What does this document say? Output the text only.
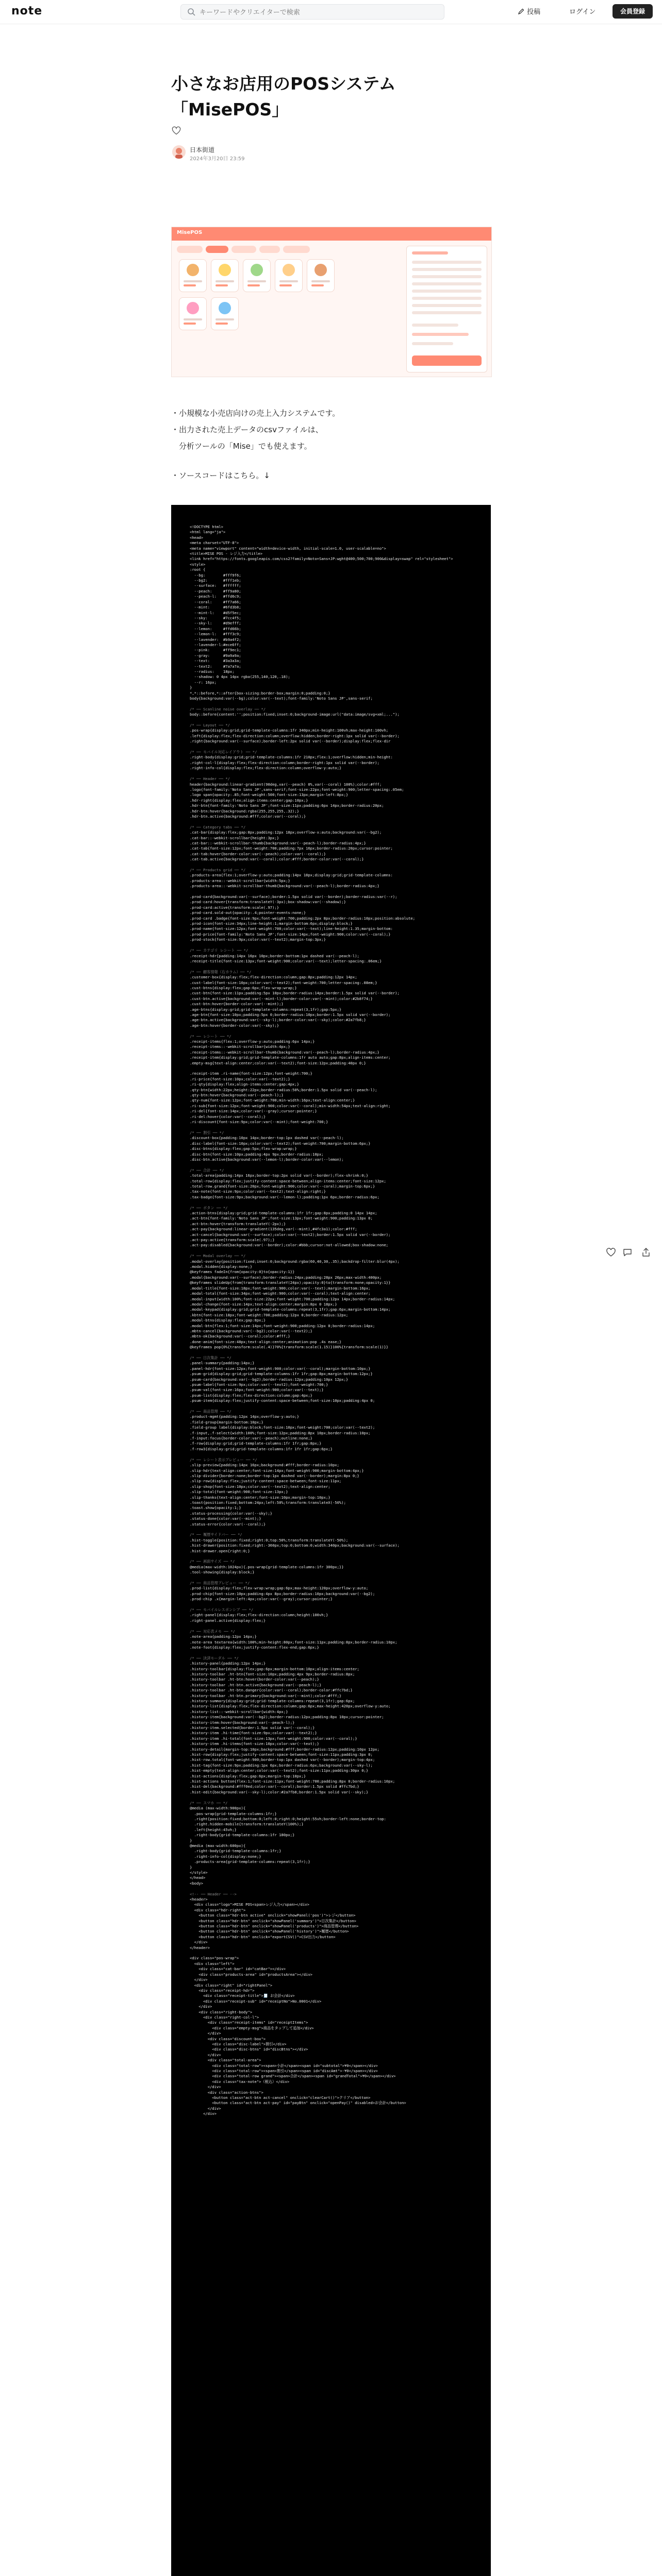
note
キーワードやクリエイターで検索	投稿	ログイン	会員登録
小さなお店用のPOSシステム
「MisePOS」
日本街道
2024年3月20日 23:59
MisePOS

・小規模な小売店向けの売上入力システムです。

・出力された売上データのcsvファイルは、

　分析ツールの「Mise」でも使えます。

・ソースコードはこちら。↓
<!DOCTYPE html>
<html lang="ja">
<head>
<meta charset="UTF-8">
<meta name="viewport" content="width=device-width, initial-scale=1.0, user-scalable=no">
<title>MISE POS - レジ入力</title>
<link href="https://fonts.googleapis.com/css2?family=Noto+Sans+JP:wght@400;500;700;900&display=swap" rel="stylesheet">
<style>
:root {
--bg:        #fff9f6;
--bg2:       #fff1eb;
--surface:   #ffffff;
--peach:     #ff9a80;
--peach-l:   #ffd6c9;
--coral:     #ff7a66;
--mint:      #6fd3b8;
--mint-l:    #d5f5ec;
--sky:       #7cc4f5;
--sky-l:     #d9efff;
--lemon:     #ffd66b;
--lemon-l:   #fff3c9;
--lavender:  #b9a4f2;
--lavender-l:#ece6ff;
--pink:      #ff9ec1;
--gray:      #9a9a9a;
--text:      #3a3a3a;
--text2:     #7a7a7a;
--radius:    18px;
--shadow: 0 4px 14px rgba(255,140,120,.18);
--r: 16px;
}
*,*::before,*::after{box-sizing:border-box;margin:0;padding:0;}
body{background:var(--bg);color:var(--text);font-family:'Noto Sans JP',sans-serif;

/* ── Scanline noise overlay ── */
body::before{content:'';position:fixed;inset:0;background-image:url("data:image/svg+xml;...");

/* ── Layout ── */
.pos-wrap{display:grid;grid-template-columns:1fr 340px;min-height:100vh;max-height:100vh;
.left{display:flex;flex-direction:column;overflow:hidden;border-right:1px solid var(--border);
.right{background:var(--surface);border-left:2px solid var(--border);display:flex;flex-dir

/* ── モバイル対応レイアウト ── */
.right-body{display:grid;grid-template-columns:1fr 210px;flex:1;overflow:hidden;min-height:
.right-col-l{display:flex;flex-direction:column;border-right:1px solid var(--border);
.right-info-col{display:flex;flex-direction:column;overflow-y:auto;}

/* ── Header ── */
header{background:linear-gradient(90deg,var(--peach) 0%,var(--coral) 100%);color:#fff;
.logo{font-family:'Noto Sans JP',sans-serif;font-size:22px;font-weight:900;letter-spacing:.05em;
.logo span{opacity:.85;font-weight:500;font-size:13px;margin-left:8px;}
.hdr-right{display:flex;align-items:center;gap:10px;}
.hdr-btn{font-family:'Noto Sans JP';font-size:11px;padding:6px 14px;border-radius:20px;
.hdr-btn:hover{background:rgba(255,255,255,.32);}
.hdr-btn.active{background:#fff;color:var(--coral);}

/* ── Category tabs ── */
.cat-bar{display:flex;gap:8px;padding:12px 18px;overflow-x:auto;background:var(--bg2);
.cat-bar::-webkit-scrollbar{height:3px;}
.cat-bar::-webkit-scrollbar-thumb{background:var(--peach-l);border-radius:4px;}
.cat-tab{font-size:12px;font-weight:700;padding:7px 16px;border-radius:20px;cursor:pointer;
.cat-tab:hover{border-color:var(--peach);color:var(--coral);}
.cat-tab.active{background:var(--coral);color:#fff;border-color:var(--coral);}

/* ── Products grid ── */
.products-area{flex:1;overflow-y:auto;padding:14px 18px;display:grid;grid-template-columns:
.products-area::-webkit-scrollbar{width:5px;}
.products-area::-webkit-scrollbar-thumb{background:var(--peach-l);border-radius:4px;}

.prod-card{background:var(--surface);border:1.5px solid var(--border);border-radius:var(--r);
.prod-card:hover{transform:translateY(-3px);box-shadow:var(--shadow);}
.prod-card:active{transform:scale(.97);}
.prod-card.sold-out{opacity:.4;pointer-events:none;}
.prod-card .badge{font-size:9px;font-weight:700;padding:2px 8px;border-radius:10px;position:absolute;
.prod-icon{font-size:34px;line-height:1;margin-bottom:6px;display:block;}
.prod-name{font-size:12px;font-weight:700;color:var(--text);line-height:1.35;margin-bottom:
.prod-price{font-family:'Noto Sans JP';font-size:14px;font-weight:900;color:var(--coral);}
.prod-stock{font-size:9px;color:var(--text2);margin-top:3px;}

/* ── カテゴリ レシート ── */
.receipt-hdr{padding:14px 16px 10px;border-bottom:1px dashed var(--peach-l);
.receipt-title{font-size:13px;font-weight:900;color:var(--text);letter-spacing:.06em;}

/* ── 顧客情報（右カラム）── */
.customer-box{display:flex;flex-direction:column;gap:8px;padding:12px 14px;
.cust-label{font-size:10px;color:var(--text2);font-weight:700;letter-spacing:.08em;}
.cust-btns{display:flex;gap:6px;flex-wrap:wrap;}
.cust-btn{font-size:11px;padding:5px 10px;border-radius:14px;border:1.5px solid var(--border);
.cust-btn.active{background:var(--mint-l);border-color:var(--mint);color:#2b8f74;}
.cust-btn:hover{border-color:var(--mint);}
.age-btns{display:grid;grid-template-columns:repeat(3,1fr);gap:5px;}
.age-btn{font-size:10px;padding:5px 0;border-radius:10px;border:1.5px solid var(--border);
.age-btn.active{background:var(--sky-l);border-color:var(--sky);color:#2a7fb8;}
.age-btn:hover{border-color:var(--sky);}

/* ── レシート ── */
.receipt-items{flex:1;overflow-y:auto;padding:6px 14px;}
.receipt-items::-webkit-scrollbar{width:4px;}
.receipt-items::-webkit-scrollbar-thumb{background:var(--peach-l);border-radius:4px;}
.receipt-item{display:grid;grid-template-columns:1fr auto auto;gap:8px;align-items:center;
.empty-msg{text-align:center;color:var(--text2);font-size:12px;padding:40px 0;}

.receipt-item .ri-name{font-size:12px;font-weight:700;}
.ri-price{font-size:10px;color:var(--text2);}
.ri-qty{display:flex;align-items:center;gap:4px;}
.qty-btn{width:22px;height:22px;border-radius:50%;border:1.5px solid var(--peach-l);
.qty-btn:hover{background:var(--peach-l);}
.qty-num{font-size:12px;font-weight:700;min-width:16px;text-align:center;}
.ri-sub{font-size:12px;font-weight:900;color:var(--coral);min-width:54px;text-align:right;
.ri-del{font-size:14px;color:var(--gray);cursor:pointer;}
.ri-del:hover{color:var(--coral);}
.ri-discount{font-size:9px;color:var(--mint);font-weight:700;}

/* ── 割引 ── */
.discount-box{padding:10px 14px;border-top:1px dashed var(--peach-l);
.disc-label{font-size:10px;color:var(--text2);font-weight:700;margin-bottom:6px;}
.disc-btns{display:flex;gap:5px;flex-wrap:wrap;}
.disc-btn{font-size:10px;padding:4px 9px;border-radius:10px;
.disc-btn.active{background:var(--lemon-l);border-color:var(--lemon);

/* ── 合計 ── */
.total-area{padding:14px 16px;border-top:2px solid var(--border);flex-shrink:0;}
.total-row{display:flex;justify-content:space-between;align-items:center;font-size:12px;
.total-row.grand{font-size:20px;font-weight:900;color:var(--coral);margin-top:6px;}
.tax-note{font-size:9px;color:var(--text2);text-align:right;}
.tax-badge{font-size:9px;background:var(--lemon-l);padding:1px 6px;border-radius:6px;

/* ── ボタン ── */
.action-btns{display:grid;grid-template-columns:1fr 1fr;gap:8px;padding:0 14px 14px;
.act-btn{font-family:'Noto Sans JP';font-size:13px;font-weight:900;padding:13px 0;
.act-btn:hover{transform:translateY(-2px);}
.act-pay{background:linear-gradient(135deg,var(--mint),#4fc3a1);color:#fff;
.act-cancel{background:var(--surface);color:var(--text2);border:1.5px solid var(--border);
.act-pay:active{transform:scale(.97);}
.act-pay:disabled{background:var(--border);color:#bbb;cursor:not-allowed;box-shadow:none;

/* ── Modal overlay ── */
.modal-overlay{position:fixed;inset:0;background:rgba(60,40,30,.35);backdrop-filter:blur(4px);
.modal.hidden{display:none;}
@keyframes fadeIn{from{opacity:0}to{opacity:1}}
.modal{background:var(--surface);border-radius:24px;padding:28px 26px;max-width:400px;
@keyframes slideUp{from{transform:translateY(24px);opacity:0}to{transform:none;opacity:1}}
.modal-title{font-size:18px;font-weight:900;color:var(--text);margin-bottom:16px;
.modal-total{font-size:34px;font-weight:900;color:var(--coral);text-align:center;
.modal-input{width:100%;font-size:22px;font-weight:700;padding:12px 14px;border-radius:14px;
.modal-change{font-size:14px;text-align:center;margin:8px 0 18px;}
.modal-keypad{display:grid;grid-template-columns:repeat(3,1fr);gap:6px;margin-bottom:14px;
.kbtn{font-size:18px;font-weight:700;padding:12px 0;border-radius:12px;
.modal-btns{display:flex;gap:8px;}
.modal-btn{flex:1;font-size:14px;font-weight:900;padding:12px 0;border-radius:14px;
.mbtn-cancel{background:var(--bg2);color:var(--text2);}
.mbtn-ok{background:var(--coral);color:#fff;}
.done-anim{font-size:48px;text-align:center;animation:pop .4s ease;}
@keyframes pop{0%{transform:scale(.4)}70%{transform:scale(1.15)}100%{transform:scale(1)}}

/* ── 日次集計 ── */
.panel-summary{padding:14px;}
.panel-hdr{font-size:12px;font-weight:900;color:var(--coral);margin-bottom:10px;}
.psum-grid{display:grid;grid-template-columns:1fr 1fr;gap:8px;margin-bottom:12px;}
.psum-card{background:var(--bg2);border-radius:12px;padding:10px 12px;}
.psum-label{font-size:9px;color:var(--text2);font-weight:700;}
.psum-val{font-size:16px;font-weight:900;color:var(--text);}
.psum-list{display:flex;flex-direction:column;gap:4px;}
.psum-item{display:flex;justify-content:space-between;font-size:10px;padding:4px 0;

/* ── 商品管理 ── */
.product-mgmt{padding:12px 14px;overflow-y:auto;}
.field-group{margin-bottom:10px;}
.field-group label{display:block;font-size:10px;font-weight:700;color:var(--text2);
.f-input,.f-select{width:100%;font-size:12px;padding:8px 10px;border-radius:10px;
.f-input:focus{border-color:var(--peach);outline:none;}
.f-row{display:grid;grid-template-columns:1fr 1fr;gap:8px;}
.f-row3{display:grid;grid-template-columns:1fr 1fr 1fr;gap:6px;}

/* ── レシート表示プレビュー ── */
.slip-preview{padding:14px 16px;background:#fff;border-radius:10px;
.slip-hdr{text-align:center;font-size:14px;font-weight:900;margin-bottom:4px;}
.slip-divider{border:none;border-top:1px dashed var(--border);margin:8px 0;}
.slip-row{display:flex;justify-content:space-between;font-size:11px;
.slip-shop{font-size:10px;color:var(--text2);text-align:center;
.slip-total{font-weight:900;font-size:13px;}
.slip-thanks{text-align:center;font-size:10px;margin-top:10px;}
.toast{position:fixed;bottom:24px;left:50%;transform:translateX(-50%);
.toast.show{opacity:1;}
.status-processing{color:var(--sky);}
.status-done{color:var(--mint);}
.status-error{color:var(--coral);}

/* ── 履歴サイドバー ── */
.hist-toggle{position:fixed;right:0;top:50%;transform:translateY(-50%);
.hist-drawer{position:fixed;right:-360px;top:0;bottom:0;width:340px;background:var(--surface);
.hist-drawer.open{right:0;}

/* ── 画面サイズ ── */
@media(max-width:1024px){.pos-wrap{grid-template-columns:1fr 300px;}}
.tool-showing{display:block;}

/* ── 商品管理プレビュー ── */
.prod-list{display:flex;flex-wrap:wrap;gap:6px;max-height:120px;overflow-y:auto;
.prod-chip{font-size:10px;padding:4px 8px;border-radius:10px;background:var(--bg2);
.prod-chip .x{margin-left:4px;color:var(--gray);cursor:pointer;}

/* ── モバイルレスポンシブ ── */
.right-panel{display:flex;flex-direction:column;height:100vh;}
.right-panel.active{display:flex;}

/* ── 対応表メモ ── */
.note-area{padding:12px 14px;}
.note-area textarea{width:100%;min-height:80px;font-size:11px;padding:8px;border-radius:10px;
.note-foot{display:flex;justify-content:flex-end;gap:6px;}

/* ── 決済モーダル ── */
.history-panel{padding:12px 14px;}
.history-toolbar{display:flex;gap:6px;margin-bottom:10px;align-items:center;
.history-toolbar .ht-btn{font-size:10px;padding:4px 9px;border-radius:8px;
.history-toolbar .ht-btn:hover{border-color:var(--peach);}
.history-toolbar .ht-btn.active{background:var(--peach-l);}
.history-toolbar .ht-btn.danger{color:var(--coral);border-color:#ffc7bd;}
.history-toolbar .ht-btn.primary{background:var(--mint);color:#fff;}
.history-summary{display:grid;grid-template-columns:repeat(3,1fr);gap:6px;
.history-list{display:flex;flex-direction:column;gap:6px;max-height:420px;overflow-y:auto;
.history-list::-webkit-scrollbar{width:4px;}
.history-item{background:var(--bg2);border-radius:12px;padding:8px 10px;cursor:pointer;
.history-item:hover{background:var(--peach-l);}
.history-item.selected{border:1.5px solid var(--coral);}
.history-item .hi-time{font-size:9px;color:var(--text2);}
.history-item .hi-total{font-size:13px;font-weight:900;color:var(--coral);}
.history-item .hi-items{font-size:10px;color:var(--text);}
.history-detail{margin-top:10px;background:#fff;border-radius:12px;padding:10px 12px;
.hist-row{display:flex;justify-content:space-between;font-size:11px;padding:3px 0;
.hist-row.total{font-weight:900;border-top:1px dashed var(--border);margin-top:4px;
.hist-tag{font-size:9px;padding:1px 6px;border-radius:6px;background:var(--sky-l);
.hist-empty{text-align:center;color:var(--text2);font-size:11px;padding:30px 0;}
.hist-actions{display:flex;gap:6px;margin-top:10px;}
.hist-actions button{flex:1;font-size:11px;font-weight:700;padding:8px 0;border-radius:10px;
.hist-del{background:#fff0ed;color:var(--coral);border:1.5px solid #ffc7bd;}
.hist-edit{background:var(--sky-l);color:#2a7fb8;border:1.5px solid var(--sky);}

/* ── スマホ ── */
@media (max-width:900px){
.pos-wrap{grid-template-columns:1fr;}
.right{position:fixed;bottom:0;left:0;right:0;height:55vh;border-left:none;border-top:
.right.hidden-mobile{transform:translateY(100%);}
.left{height:45vh;}
.right-body{grid-template-columns:1fr 180px;}
}
@media (max-width:600px){
.right-body{grid-template-columns:1fr;}
.right-info-col{display:none;}
.products-area{grid-template-columns:repeat(3,1fr);}
}
</style>
</head>
<body>

<!-- ── Header ── -->
<header>
<div class="logo">MISE POS<span>レジ入力</span></div>
<div class="hdr-right">
<button class="hdr-btn active" onclick="showPanel('pos')">レジ</button>
<button class="hdr-btn" onclick="showPanel('summary')">日次集計</button>
<button class="hdr-btn" onclick="showPanel('products')">商品管理</button>
<button class="hdr-btn" onclick="showPanel('history')">履歴</button>
<button class="hdr-btn" onclick="exportCSV()">CSV出力</button>
</div>
</header>

<div class="pos-wrap">
<div class="left">
<div class="cat-bar" id="catBar"></div>
<div class="products-area" id="productsArea"></div>
</div>
<div class="right" id="rightPanel">
<div class="receipt-hdr">
<div class="receipt-title">🧾 お会計</div>
<div class="receipt-sub" id="receiptNo">No.0001</div>
</div>
<div class="right-body">
<div class="right-col-l">
<div class="receipt-items" id="receiptItems">
<div class="empty-msg">商品をタップして追加</div>
</div>
<div class="discount-box">
<div class="disc-label">割引</div>
<div class="disc-btns" id="discBtns"></div>
</div>
<div class="total-area">
<div class="total-row"><span>小計</span><span id="subtotal">¥0</span></div>
<div class="total-row"><span>割引</span><span id="discAmt">-¥0</span></div>
<div class="total-row grand"><span>合計</span><span id="grandTotal">¥0</span></div>
<div class="tax-note">（税込）</div>
</div>
<div class="action-btns">
<button class="act-btn act-cancel" onclick="clearCart()">クリア</button>
<button class="act-btn act-pay" id="payBtn" onclick="openPay()" disabled>お会計</button>
</div>
</div>
